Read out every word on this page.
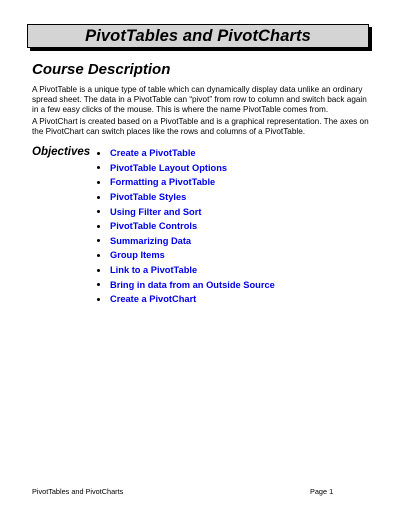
PivotTables and PivotCharts
Course Description

A PivotTable is a unique type of table which can dynamically display data unlike an ordinary spread sheet. The data in a PivotTable can “pivot” from row to column and switch back again in a few easy clicks of the mouse. This is where the name PivotTable comes from.

A PivotChart is created based on a PivotTable and is a graphical representation. The axes on the PivotChart can switch places like the rows and columns of a PivotTable.

Objectives Create a PivotTable
PivotTable Layout Options
Formatting a PivotTable
PivotTable Styles
Using Filter and Sort
PivotTable Controls
Summarizing Data
Group Items
Link to a PivotTable
Bring in data from an Outside Source
Create a PivotChart
PivotTables and PivotCharts	Page 1
